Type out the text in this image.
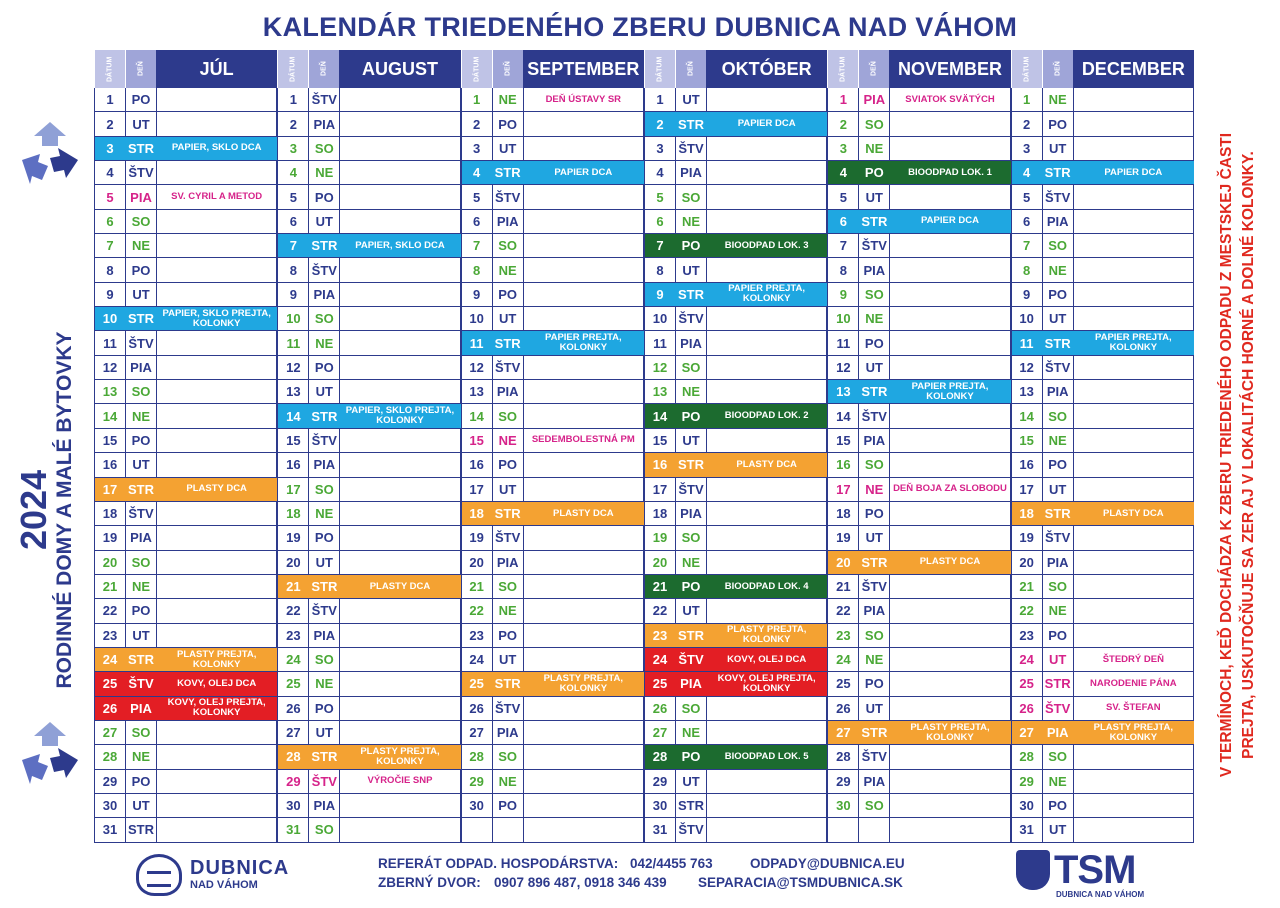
KALENDÁR TRIEDENÉHO ZBERU DUBNICA NAD VÁHOM
2024 RODINNÉ DOMY A MALÉ BYTOVKY	V TERMÍNOCH, KEĎ DOCHÁDZA K ZBERU TRIEDENÉHO ODPADU Z MESTSKEJ ČASTI PREJTA, USKUTOČŇUJE SA ZER AJ V LOKALITÁCH HORNÉ A DOLNÉ KOLONKY.
DÁTUM	DEŇ	JÚL
1	PO
2	UT
3	STR	PAPIER, SKLO DCA
4	ŠTV
5	PIA	SV. CYRIL A METOD
6	SO
7	NE
8	PO
9	UT
10 STR PAPIER, SKLO PREJTA, KOLONKY
11 ŠTV
12 PIA
13	SO
14	NE
15	PO
16	UT
17 STR	PLASTY DCA
18 ŠTV
19 PIA
20	SO
21	NE
22	PO
23	UT
24 STR	PLASTY PREJTA, KOLONKY
25 ŠTV	KOVY, OLEJ DCA
26 PIA	KOVY, OLEJ PREJTA, KOLONKY
27	SO
28	NE
29	PO
30	UT
31 STR
DÁTUM	DEŇ	AUGUST
1	ŠTV
2	PIA
3	SO
4	NE
5	PO
6	UT
7	STR	PAPIER, SKLO DCA
8	ŠTV
9	PIA
10	SO
11	NE
12	PO
13	UT
14 STR PAPIER, SKLO PREJTA, KOLONKY
15 ŠTV
16 PIA
17	SO
18	NE
19	PO
20	UT
21 STR	PLASTY DCA
22 ŠTV
23 PIA
24	SO
25	NE
26	PO
27	UT
28 STR	PLASTY PREJTA, KOLONKY
29 ŠTV	VÝROČIE SNP
30 PIA
31	SO
DÁTUM	DEŇ SEPTEMBER
1	NE	DEŇ ÚSTAVY SR
2	PO
3	UT
4	STR	PAPIER DCA
5	ŠTV
6	PIA
7	SO
8	NE
9	PO
10	UT
11 STR	PAPIER PREJTA, KOLONKY
12 ŠTV
13 PIA
14	SO
15	NE	SEDEMBOLESTNÁ PM
16	PO
17	UT
18 STR	PLASTY DCA
19 ŠTV
20 PIA
21	SO
22	NE
23	PO
24	UT
25 STR	PLASTY PREJTA, KOLONKY
26 ŠTV
27 PIA
28	SO
29	NE
30	PO
DÁTUM	DEŇ	OKTÓBER
1	UT
2	STR	PAPIER DCA
3	ŠTV
4	PIA
5	SO
6	NE
7	PO	BIOODPAD LOK. 3
8	UT
9	STR	PAPIER PREJTA, KOLONKY
10 ŠTV
11	PIA
12	SO
13	NE
14	PO	BIOODPAD LOK. 2
15	UT
16 STR	PLASTY DCA
17 ŠTV
18 PIA
19	SO
20	NE
21	PO	BIOODPAD LOK. 4
22	UT
23 STR	PLASTY PREJTA, KOLONKY
24 ŠTV	KOVY, OLEJ DCA
25 PIA	KOVY, OLEJ PREJTA, KOLONKY
26	SO
27	NE
28	PO	BIOODPAD LOK. 5
29	UT
30 STR
31 ŠTV
DÁTUM	DEŇ	NOVEMBER
1	PIA	SVIATOK SVÄTÝCH
2	SO
3	NE
4	PO	BIOODPAD LOK. 1
5	UT
6	STR	PAPIER DCA
7	ŠTV
8	PIA
9	SO
10	NE
11	PO
12	UT
13 STR	PAPIER PREJTA, KOLONKY
14 ŠTV
15 PIA
16	SO
17	NE	DEŇ BOJA ZA SLOBODU
18	PO
19	UT
20 STR	PLASTY DCA
21 ŠTV
22 PIA
23	SO
24	NE
25	PO
26	UT
27 STR	PLASTY PREJTA, KOLONKY
28 ŠTV
29 PIA
30	SO
DÁTUM	DEŇ	DECEMBER
1	NE
2	PO
3	UT
4	STR	PAPIER DCA
5	ŠTV
6	PIA
7	SO
8	NE
9	PO
10	UT
11 STR	PAPIER PREJTA, KOLONKY
12 ŠTV
13 PIA
14	SO
15	NE
16	PO
17	UT
18 STR	PLASTY DCA
19 ŠTV
20 PIA
21	SO
22	NE
23	PO
24	UT	ŠTEDRÝ DEŇ
25 STR	NARODENIE PÁNA
26 ŠTV	SV. ŠTEFAN
27 PIA	PLASTY PREJTA, KOLONKY
28	SO
29	NE
30	PO
31	UT
DUBNICA
NAD VÁHOM
REFERÁT ODPAD. HOSPODÁRSTVA: 042/4455 763	ODPADY@DUBNICA.EU
ZBERNÝ DVOR: 0907 896 487, 0918 346 439	SEPARACIA@TSMDUBNICA.SK	TSM
DUBNICA NAD VÁHOM
